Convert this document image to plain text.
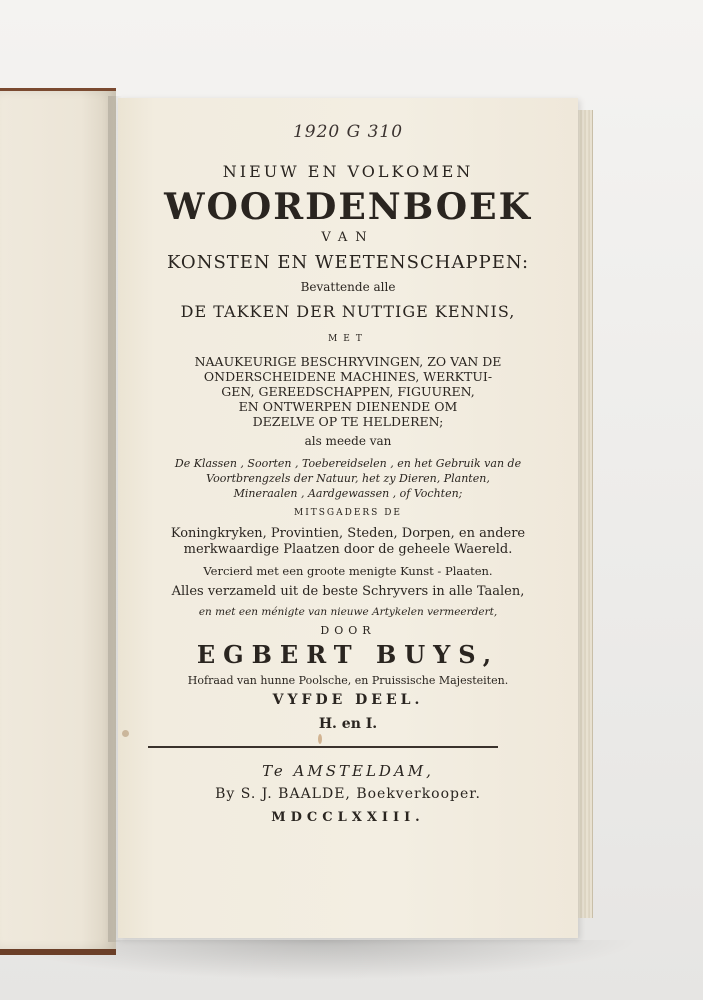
1920 G 310
NIEUW EN VOLKOMEN
WOORDENBOEK
VAN
KONSTEN EN WEETENSCHAPPEN:
Bevattende alle
DE TAKKEN DER NUTTIGE KENNIS,
MET
NAAUKEURIGE BESCHRYVINGEN, ZO VAN DE
ONDERSCHEIDENE MACHINES, WERKTUI-
GEN, GEREEDSCHAPPEN, FIGUUREN,
EN ONTWERPEN DIENENDE OM
DEZELVE OP TE HELDEREN;
als meede van
De Klassen , Soorten , Toebereidselen , en het Gebruik van de
Voortbrengzels der Natuur, het zy Dieren, Planten,
Mineraalen , Aardgewassen , of Vochten;
MITSGADERS DE
Koningkryken, Provintien, Steden, Dorpen, en andere
merkwaardige Plaatzen door de geheele Waereld.
Vercierd met een groote menigte Kunst - Plaaten.
Alles verzameld uit de beste Schryvers in alle Taalen,
en met een ménigte van nieuwe Artykelen vermeerdert,
DOOR
EGBERT BUYS,
Hofraad van hunne Poolsche, en Pruissische Majesteiten.
VYFDE DEEL.
H. en I.
Te AMSTELDAM,
By S. J. BAALDE, Boekverkooper.
MDCCLXXIII.
